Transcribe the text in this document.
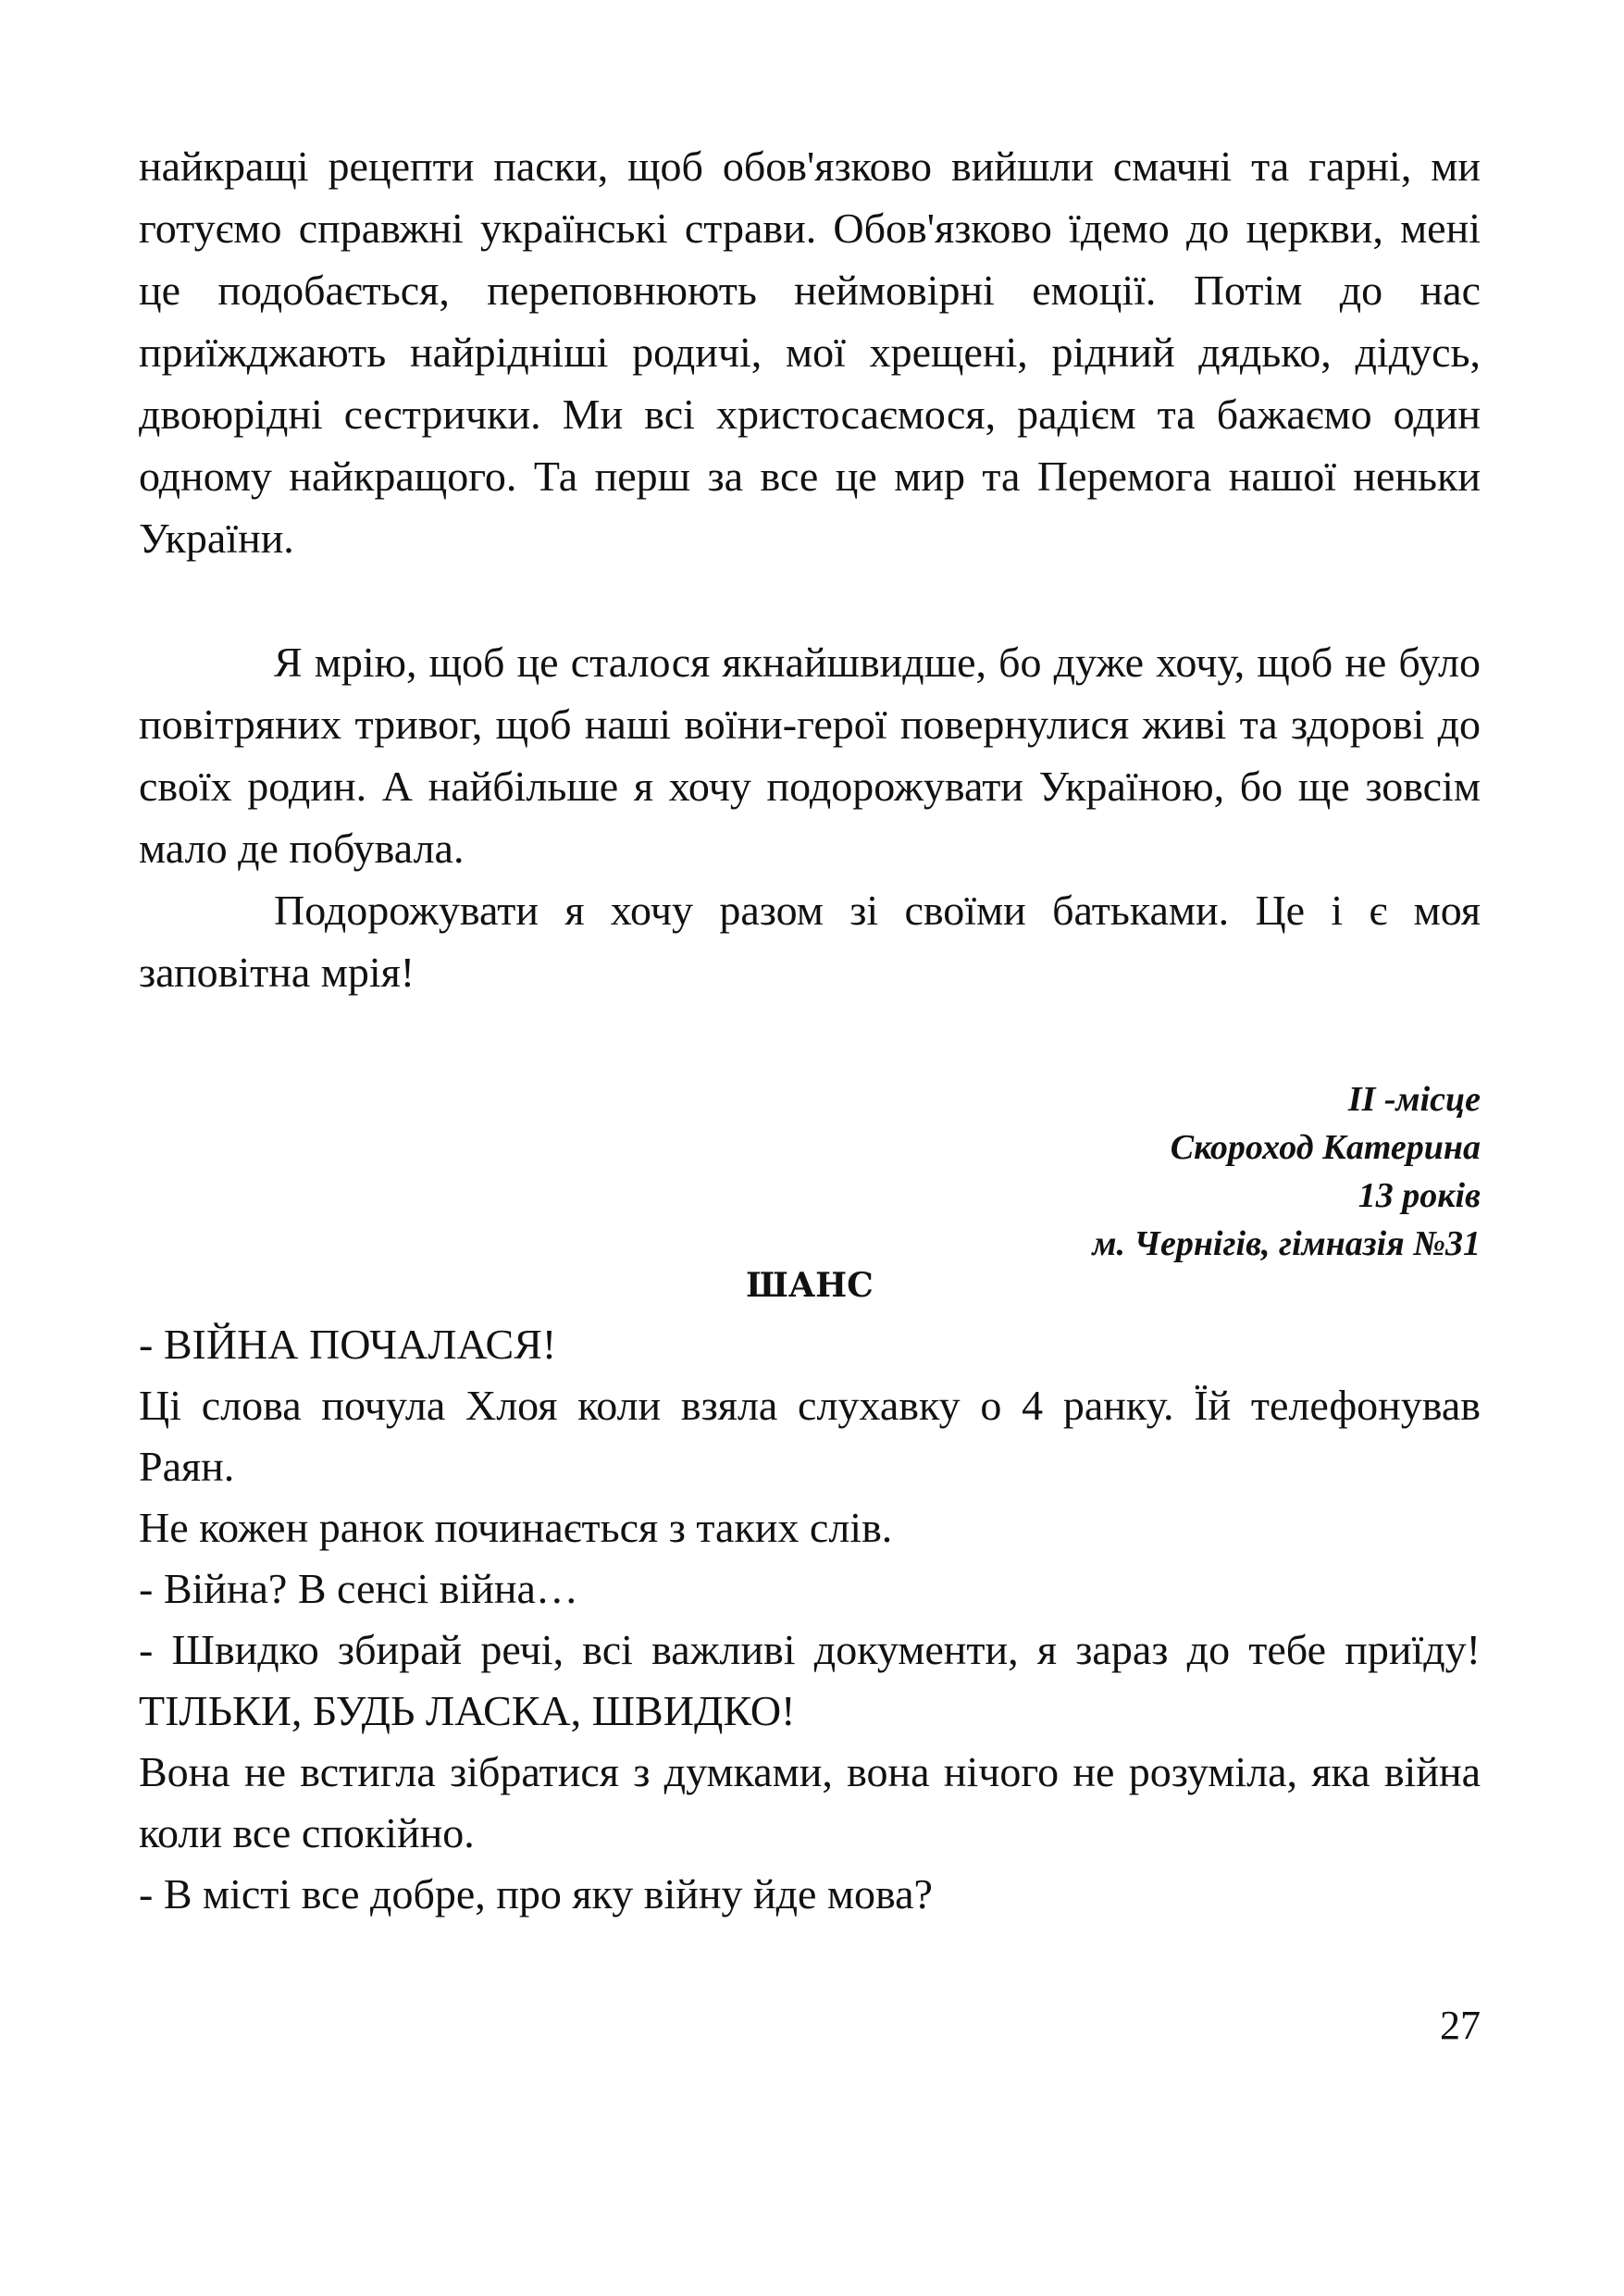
найкращі рецепти паски, щоб обов'язково вийшли смачні та гарні, ми готуємо справжні українські страви. Обов'язково їдемо до церкви, мені це подобається, переповнюють неймовірні емоції. Потім до нас приїжджають найрідніші родичі, мої хрещені, рідний дядько, дідусь, двоюрідні сестрички. Ми всі христосаємося, радієм та бажаємо один одному найкращого. Та перш за все це мир та Перемога нашої неньки України.

Я мрію, щоб це сталося якнайшвидше, бо дуже хочу, щоб не було повітряних тривог, щоб наші воїни-герої повернулися живі та здорові до своїх родин. А найбільше я хочу подорожувати Україною, бо ще зовсім мало де побувала.

Подорожувати я хочу разом зі своїми батьками. Це і є моя заповітна мрія!

ІІ -місце
Скороход Катерина
13 років
м. Чернігів, гімназія №31
ШАНС

- ВІЙНА ПОЧАЛАСЯ!

Ці слова почула Хлоя коли взяла слухавку о 4 ранку. Їй телефонував Раян.

Не кожен ранок починається з таких слів.

- Війна? В сенсі війна…

- Швидко збирай речі, всі важливі документи, я зараз до тебе приїду! ТІЛЬКИ, БУДЬ ЛАСКА, ШВИДКО!

Вона не встигла зібратися з думками, вона нічого не розуміла, яка війна коли все спокійно.

- В місті все добре, про яку війну йде мова?

27
